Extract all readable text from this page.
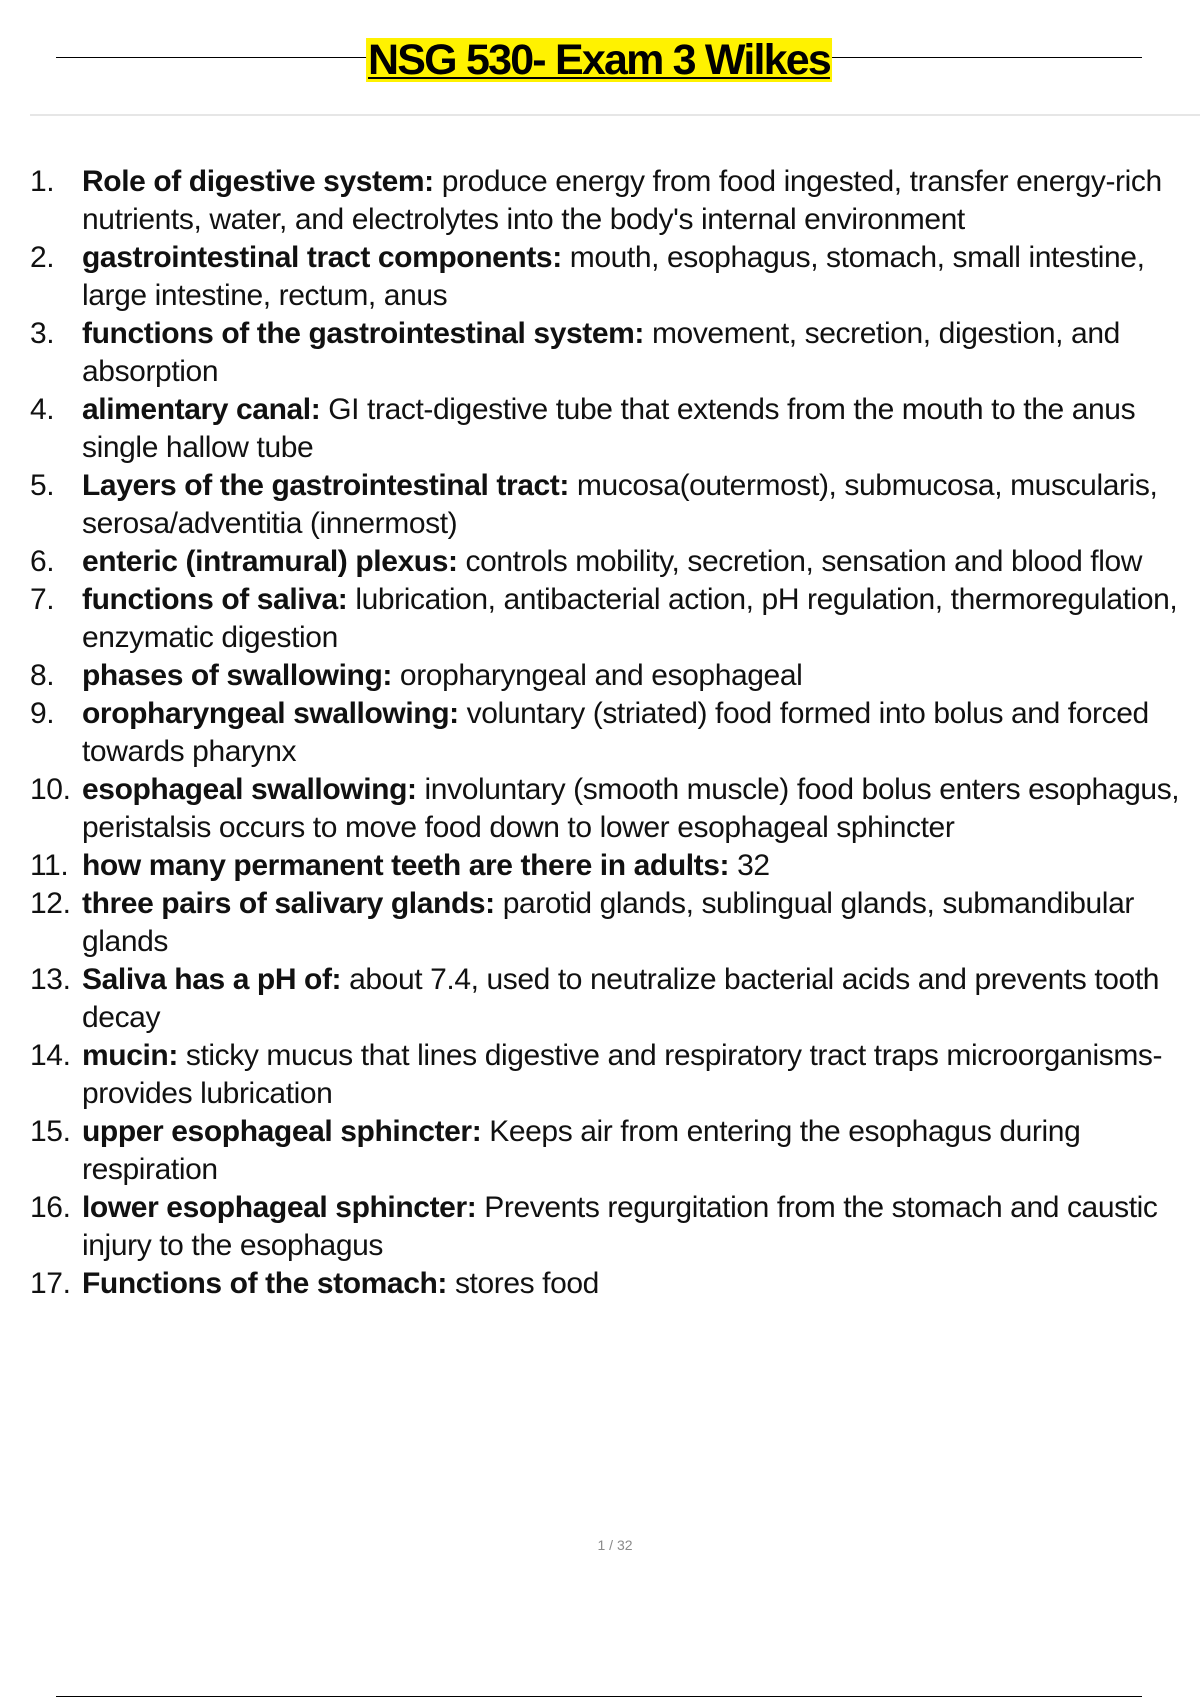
NSG 530- Exam 3 Wilkes
1. Role of digestive system: produce energy from food ingested, transfer energy-rich nutrients, water, and electrolytes into the body's internal environment
2. gastrointestinal tract components: mouth, esophagus, stomach, small intestine, large intestine, rectum, anus
3. functions of the gastrointestinal system: movement, secretion, digestion, and absorption
4. alimentary canal: GI tract-digestive tube that extends from the mouth to the anus single hallow tube
5. Layers of the gastrointestinal tract: mucosa(outermost), submucosa, muscularis, serosa/adventitia (innermost)
6. enteric (intramural) plexus: controls mobility, secretion, sensation and blood flow
7. functions of saliva: lubrication, antibacterial action, pH regulation, thermoregulation, enzymatic digestion
8. phases of swallowing: oropharyngeal and esophageal
9. oropharyngeal swallowing: voluntary (striated) food formed into bolus and forced towards pharynx
10. esophageal swallowing: involuntary (smooth muscle) food bolus enters esophagus, peristalsis occurs to move food down to lower esophageal sphincter
11. how many permanent teeth are there in adults: 32
12. three pairs of salivary glands: parotid glands, sublingual glands, submandibular glands
13. Saliva has a pH of: about 7.4, used to neutralize bacterial acids and prevents tooth decay
14. mucin: sticky mucus that lines digestive and respiratory tract traps microorganisms- provides lubrication
15. upper esophageal sphincter: Keeps air from entering the esophagus during respiration
16. lower esophageal sphincter: Prevents regurgitation from the stomach and caustic injury to the esophagus
17. Functions of the stomach: stores food
1 / 32
